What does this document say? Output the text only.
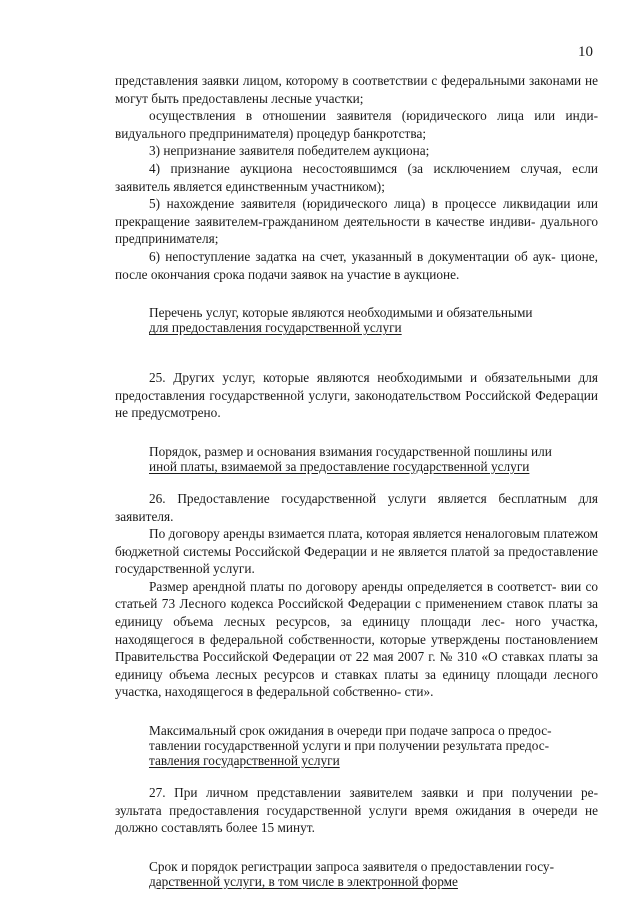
10

представления заявки лицом, которому в соответствии с федеральными законами не могут быть предоставлены лесные участки;

осуществления в отношении заявителя (юридического лица или инди- видуального предпринимателя) процедур банкротства;

3) непризнание заявителя победителем аукциона;

4) признание аукциона несостоявшимся (за исключением случая, если заявитель является единственным участником);

5) нахождение заявителя (юридического лица) в процессе ликвидации или прекращение заявителем-гражданином деятельности в качестве индиви- дуального предпринимателя;

6) непоступление задатка на счет, указанный в документации об аук- ционе, после окончания срока подачи заявок на участие в аукционе.

Перечень услуг, которые являются необходимыми и обязательными
для предоставления государственной услуги

25. Других услуг, которые являются необходимыми и обязательными для предоставления государственной услуги, законодательством Российской Федерации не предусмотрено.

Порядок, размер и основания взимания государственной пошлины или
иной платы, взимаемой за предоставление государственной услуги

26. Предоставление государственной услуги является бесплатным для заявителя.

По договору аренды взимается плата, которая является неналоговым платежом бюджетной системы Российской Федерации и не является платой за предоставление государственной услуги.

Размер арендной платы по договору аренды определяется в соответст- вии со статьей 73 Лесного кодекса Российской Федерации с применением ставок платы за единицу объема лесных ресурсов, за единицу площади лес- ного участка, находящегося в федеральной собственности, которые утверждены постановлением Правительства Российской Федерации от 22 мая 2007 г. № 310 «О ставках платы за единицу объема лесных ресурсов и ставках платы за единицу площади лесного участка, находящегося в федеральной собственно- сти».

Максимальный срок ожидания в очереди при подаче запроса о предос-
тавлении государственной услуги и при получении результата предос-
тавления государственной услуги

27. При личном представлении заявителем заявки и при получении ре- зультата предоставления государственной услуги время ожидания в очереди не должно составлять более 15 минут.

Срок и порядок регистрации запроса заявителя о предоставлении госу-
дарственной услуги, в том числе в электронной форме
